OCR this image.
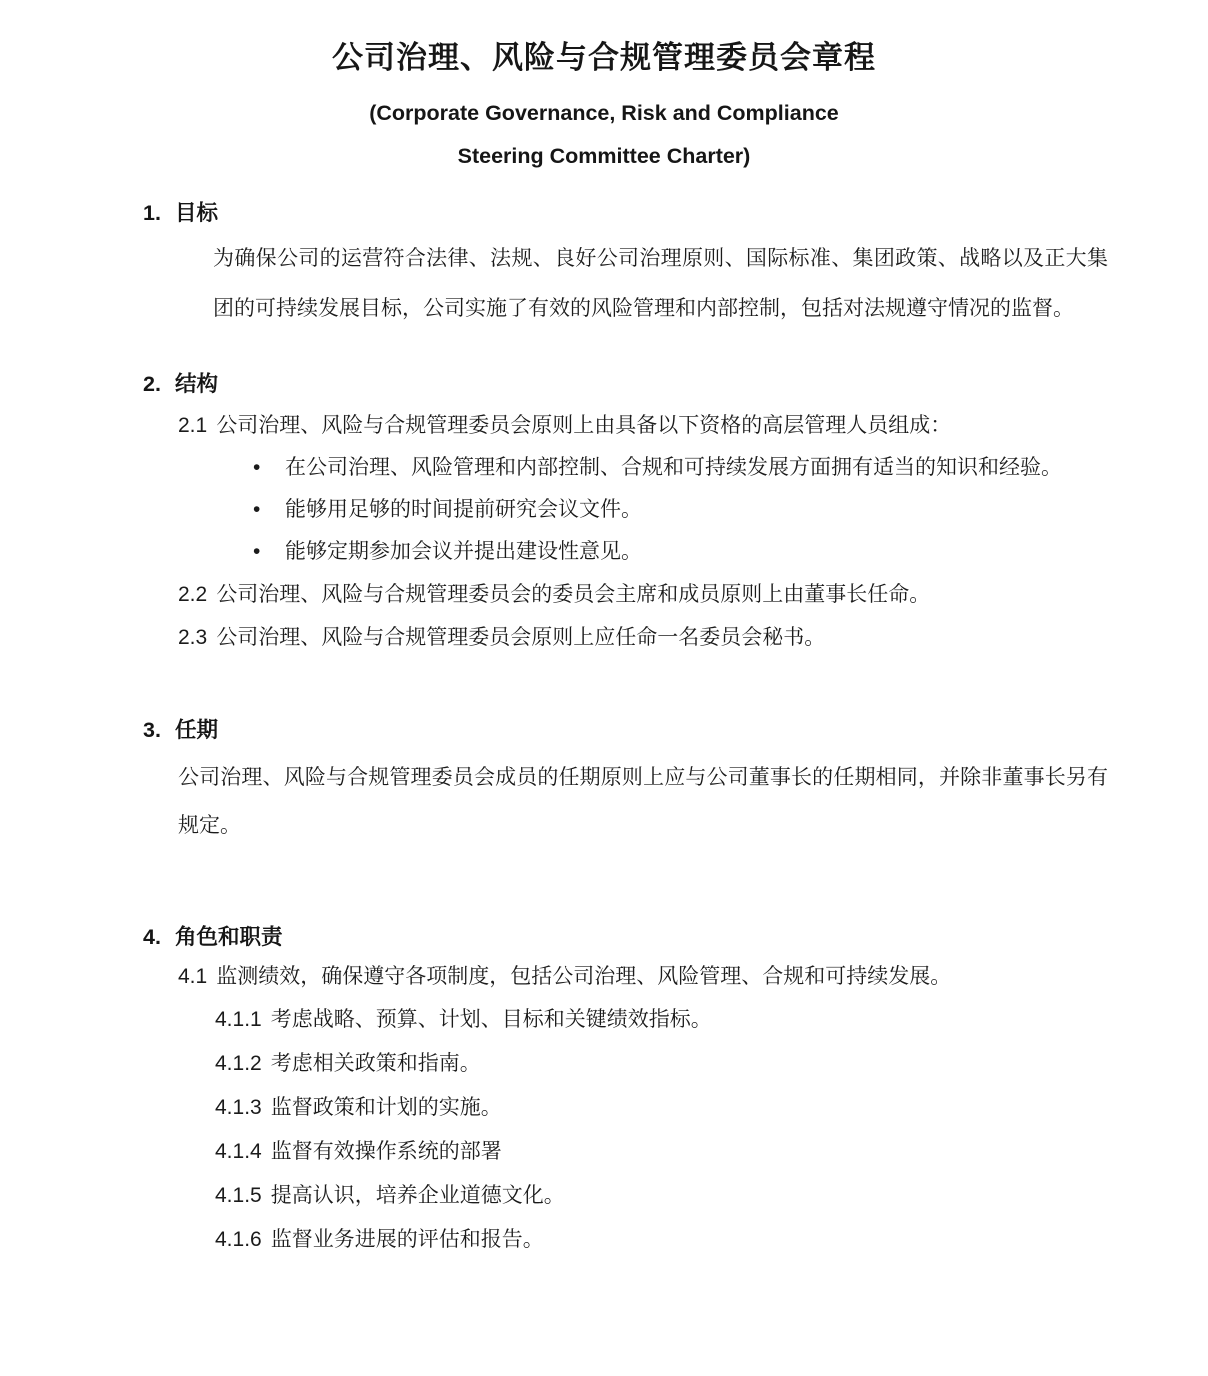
公司治理、风险与合规管理委员会章程
(Corporate Governance, Risk and Compliance
Steering Committee Charter)
1. 目标

为确保公司的运营符合法律、法规、良好公司治理原则、国际标准、集团政策、战略以及正大集团的可持续发展目标，公司实施了有效的风险管理和内部控制，包括对法规遵守情况的监督。

2. 结构
2.1 公司治理、风险与合规管理委员会原则上由具备以下资格的高层管理人员组成：
• 在公司治理、风险管理和内部控制、合规和可持续发展方面拥有适当的知识和经验。
• 能够用足够的时间提前研究会议文件。
• 能够定期参加会议并提出建设性意见。
2.2 公司治理、风险与合规管理委员会的委员会主席和成员原则上由董事长任命。
2.3 公司治理、风险与合规管理委员会原则上应任命一名委员会秘书。
3. 任期

公司治理、风险与合规管理委员会成员的任期原则上应与公司董事长的任期相同，并除非董事长另有规定。

4. 角色和职责
4.1 监测绩效，确保遵守各项制度，包括公司治理、风险管理、合规和可持续发展。
4.1.1 考虑战略、预算、计划、目标和关键绩效指标。
4.1.2 考虑相关政策和指南。
4.1.3 监督政策和计划的实施。
4.1.4 监督有效操作系统的部署
4.1.5 提高认识，培养企业道德文化。
4.1.6 监督业务进展的评估和报告。
